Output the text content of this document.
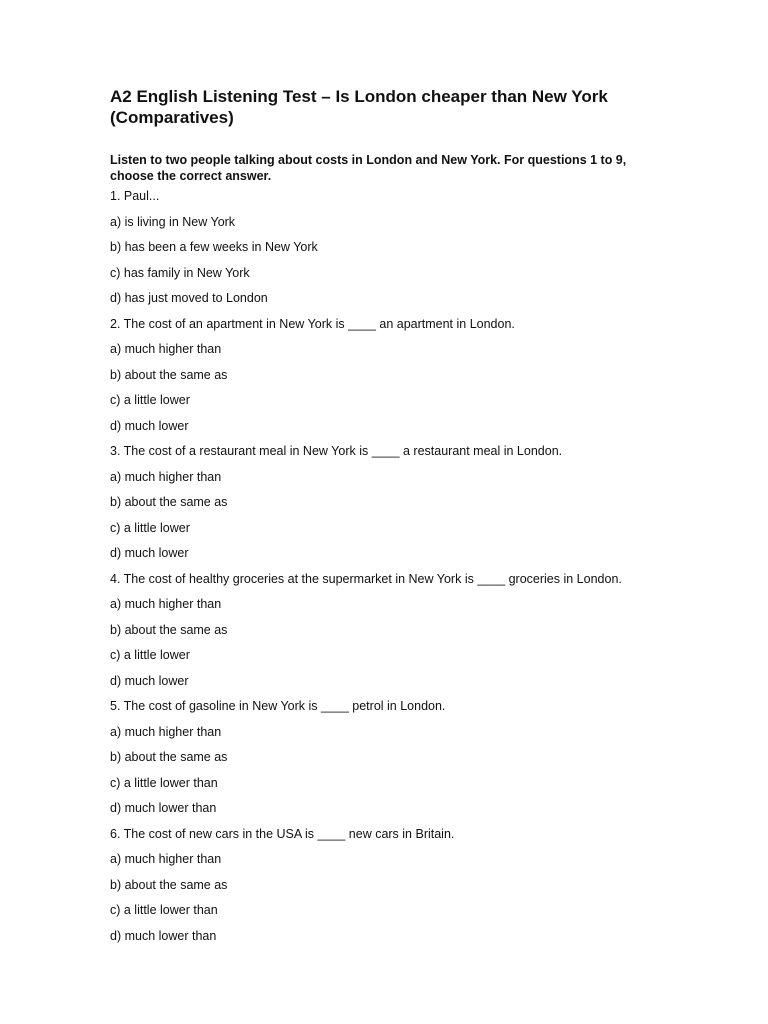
A2 English Listening Test – Is London cheaper than New York (Comparatives)
Listen to two people talking about costs in London and New York. For questions 1 to 9, choose the correct answer.
1. Paul...
a) is living in New York
b) has been a few weeks in New York
c) has family in New York
d) has just moved to London
2. The cost of an apartment in New York is ____ an apartment in London.
a) much higher than
b) about the same as
c) a little lower
d) much lower
3. The cost of a restaurant meal in New York is ____ a restaurant meal in London.
a) much higher than
b) about the same as
c) a little lower
d) much lower
4. The cost of healthy groceries at the supermarket in New York is ____ groceries in London.
a) much higher than
b) about the same as
c) a little lower
d) much lower
5. The cost of gasoline in New York is ____ petrol in London.
a) much higher than
b) about the same as
c) a little lower than
d) much lower than
6. The cost of new cars in the USA is ____ new cars in Britain.
a) much higher than
b) about the same as
c) a little lower than
d) much lower than
